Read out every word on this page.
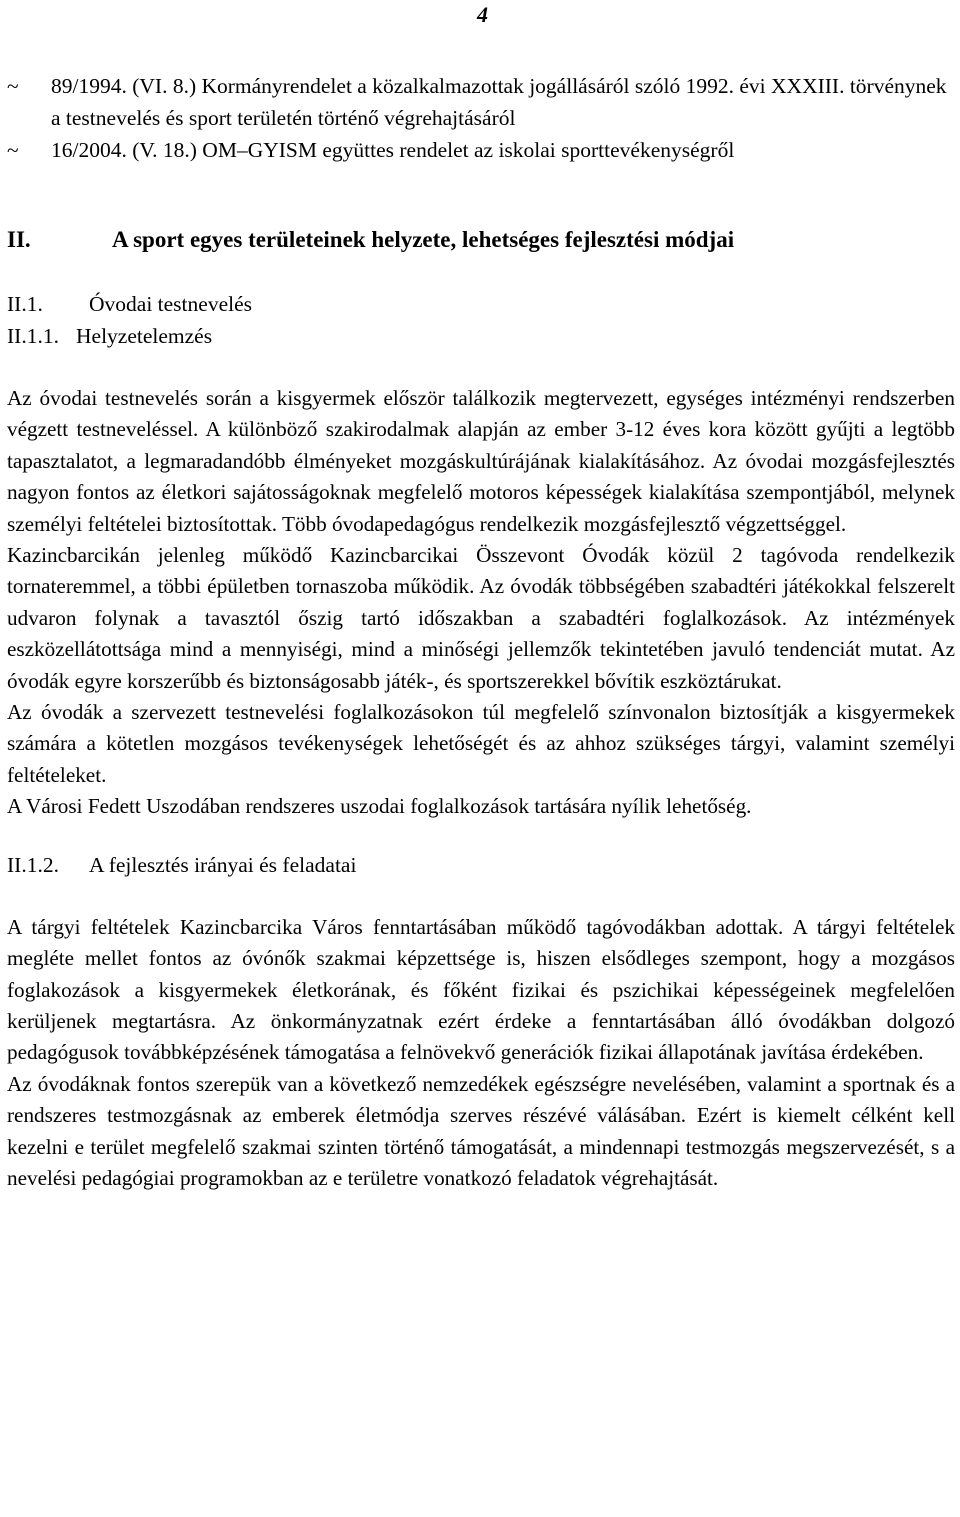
4
~ 89/1994. (VI. 8.) Kormányrendelet a közalkalmazottak jogállásáról szóló 1992. évi XXXIII. törvénynek a testnevelés és sport területén történő végrehajtásáról
~ 16/2004. (V. 18.) OM–GYISM együttes rendelet az iskolai sporttevékenységről
II.	A sport egyes területeinek helyzete, lehetséges fejlesztési módjai
II.1.	Óvodai testnevelés
II.1.1. Helyzetelemzés

Az óvodai testnevelés során a kisgyermek először találkozik megtervezett, egységes intézményi rendszerben végzett testneveléssel. A különböző szakirodalmak alapján az ember 3-12 éves kora között gyűjti a legtöbb tapasztalatot, a legmaradandóbb élményeket mozgáskultúrájának kialakításához. Az óvodai mozgásfejlesztés nagyon fontos az életkori sajátosságoknak megfelelő motoros képességek kialakítása szempontjából, melynek személyi feltételei biztosítottak. Több óvodapedagógus rendelkezik mozgásfejlesztő végzettséggel.

Kazincbarcikán jelenleg működő Kazincbarcikai Összevont Óvodák közül 2 tagóvoda rendelkezik tornateremmel, a többi épületben tornaszoba működik. Az óvodák többségében szabadtéri játékokkal felszerelt udvaron folynak a tavasztól őszig tartó időszakban a szabadtéri foglalkozások. Az intézmények eszközellátottsága mind a mennyiségi, mind a minőségi jellemzők tekintetében javuló tendenciát mutat. Az óvodák egyre korszerűbb és biztonságosabb játék-, és sportszerekkel bővítik eszköztárukat.

Az óvodák a szervezett testnevelési foglalkozásokon túl megfelelő színvonalon biztosítják a kisgyermekek számára a kötetlen mozgásos tevékenységek lehetőségét és az ahhoz szükséges tárgyi, valamint személyi feltételeket.

A Városi Fedett Uszodában rendszeres uszodai foglalkozások tartására nyílik lehetőség.

II.1.2.	A fejlesztés irányai és feladatai

A tárgyi feltételek Kazincbarcika Város fenntartásában működő tagóvodákban adottak. A tárgyi feltételek megléte mellet fontos az óvónők szakmai képzettsége is, hiszen elsődleges szempont, hogy a mozgásos foglakozások a kisgyermekek életkorának, és főként fizikai és pszichikai képességeinek megfelelően kerüljenek megtartásra. Az önkormányzatnak ezért érdeke a fenntartásában álló óvodákban dolgozó pedagógusok továbbképzésének támogatása a felnövekvő generációk fizikai állapotának javítása érdekében.

Az óvodáknak fontos szerepük van a következő nemzedékek egészségre nevelésében, valamint a sportnak és a rendszeres testmozgásnak az emberek életmódja szerves részévé válásában. Ezért is kiemelt célként kell kezelni e terület megfelelő szakmai szinten történő támogatását, a mindennapi testmozgás megszervezését, s a nevelési pedagógiai programokban az e területre vonatkozó feladatok végrehajtását.
